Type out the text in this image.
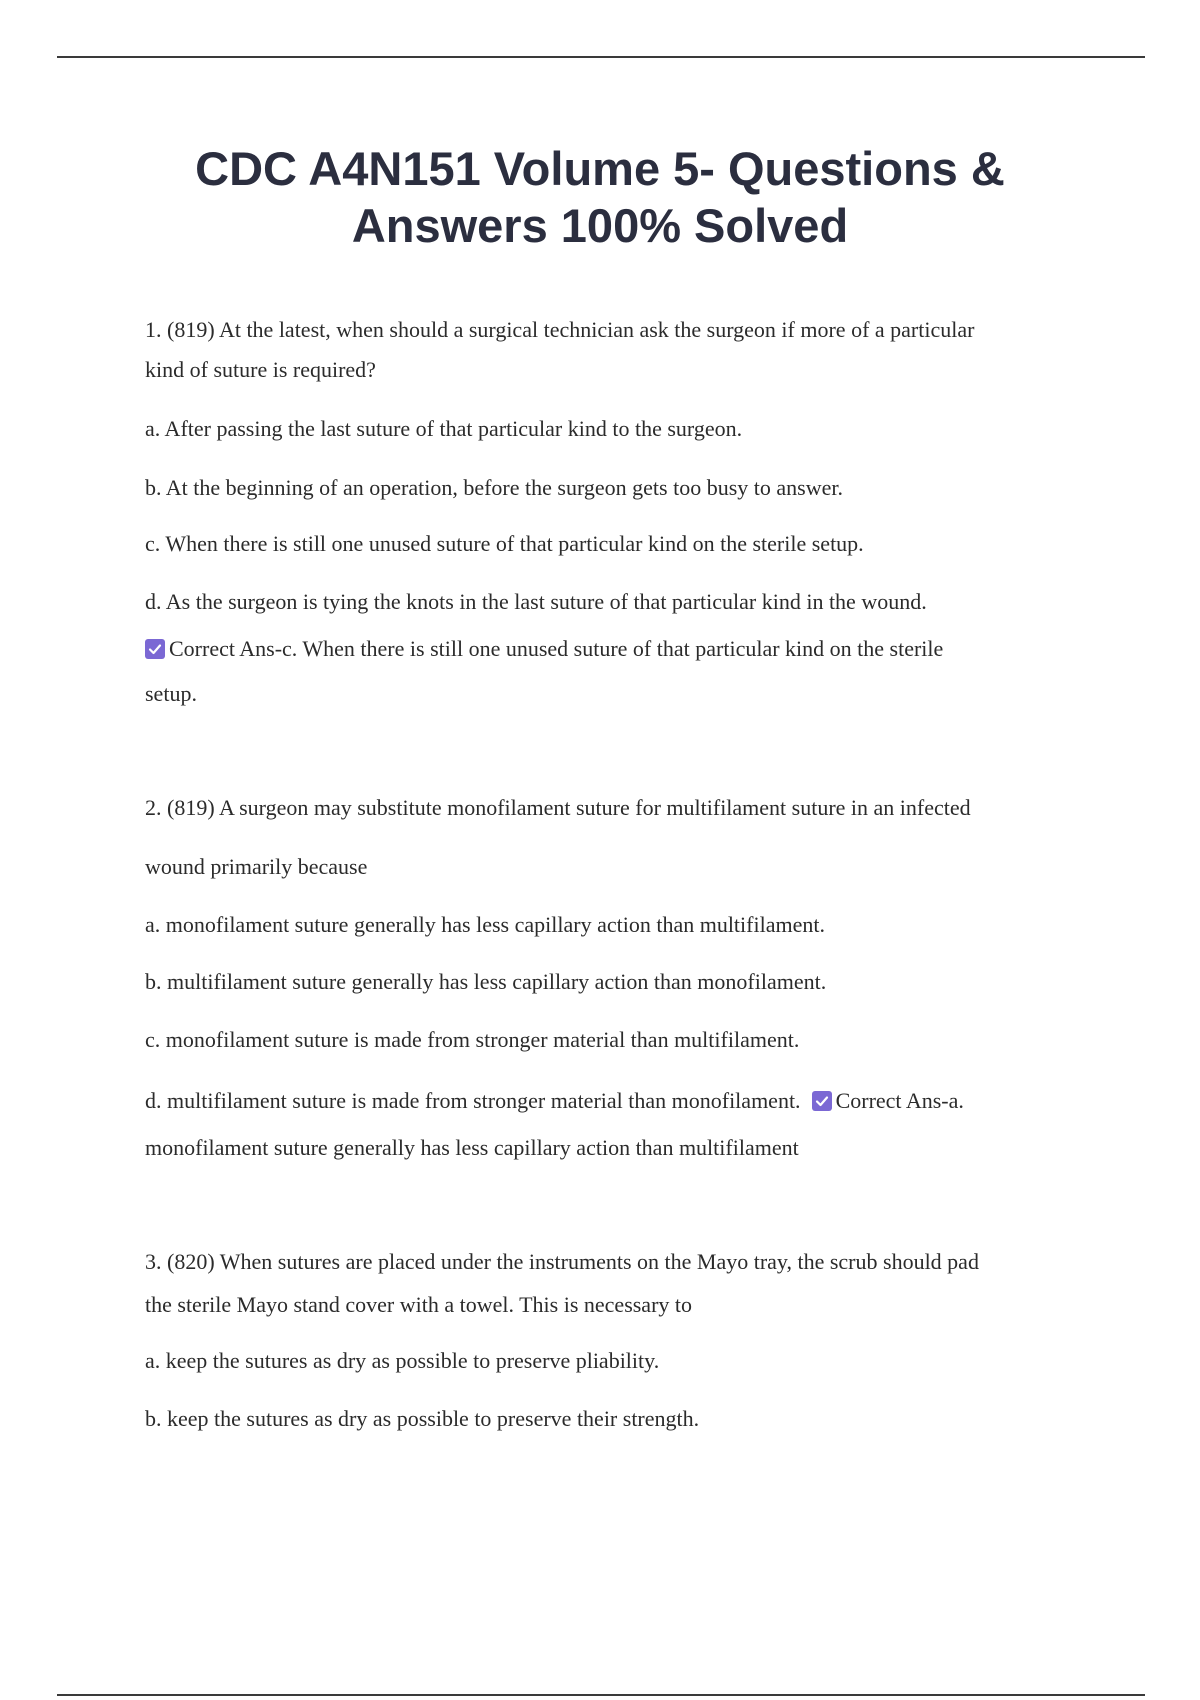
CDC A4N151 Volume 5- Questions & Answers 100% Solved

1. (819) At the latest, when should a surgical technician ask the surgeon if more of a particular

kind of suture is required?

a. After passing the last suture of that particular kind to the surgeon.

b. At the beginning of an operation, before the surgeon gets too busy to answer.

c. When there is still one unused suture of that particular kind on the sterile setup.

d. As the surgeon is tying the knots in the last suture of that particular kind in the wound.

Correct Ans-c. When there is still one unused suture of that particular kind on the sterile

setup.

2. (819) A surgeon may substitute monofilament suture for multifilament suture in an infected

wound primarily because

a. monofilament suture generally has less capillary action than multifilament.

b. multifilament suture generally has less capillary action than monofilament.

c. monofilament suture is made from stronger material than multifilament.

d. multifilament suture is made from stronger material than monofilament. Correct Ans-a.

monofilament suture generally has less capillary action than multifilament

3. (820) When sutures are placed under the instruments on the Mayo tray, the scrub should pad

the sterile Mayo stand cover with a towel. This is necessary to

a. keep the sutures as dry as possible to preserve pliability.

b. keep the sutures as dry as possible to preserve their strength.
